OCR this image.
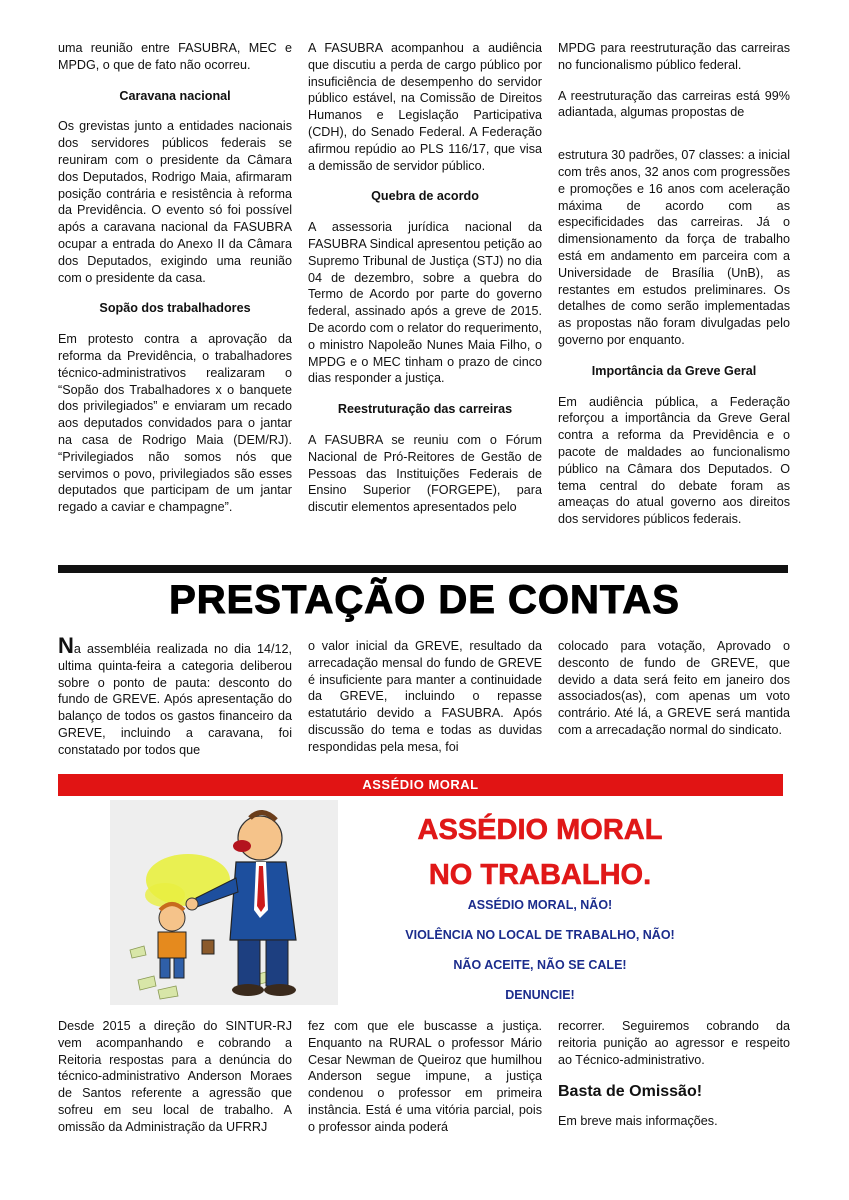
uma reunião entre FASUBRA, MEC e MPDG, o que de fato não ocorreu.

Caravana nacional

Os grevistas junto a entidades nacionais dos servidores públicos federais se reuniram com o presidente da Câmara dos Deputados, Rodrigo Maia, afirmaram posição contrária e resistência à reforma da Previdência. O evento só foi possível após a caravana nacional da FASUBRA ocupar a entrada do Anexo II da Câmara dos Deputados, exigindo uma reunião com o presidente da casa.

Sopão dos trabalhadores

Em protesto contra a aprovação da reforma da Previdência, o trabalhadores técnico-administrativos realizaram o “Sopão dos Trabalhadores x o banquete dos privilegiados” e enviaram um recado aos deputados convidados para o jantar na casa de Rodrigo Maia (DEM/RJ). “Privilegiados não somos nós que servimos o povo, privilegiados são esses deputados que participam de um jantar regado a caviar e champagne”.

A FASUBRA acompanhou a audiência que discutiu a perda de cargo público por insuficiência de desempenho do servidor público estável, na Comissão de Direitos Humanos e Legislação Participativa (CDH), do Senado Federal. A Federação afirmou repúdio ao PLS 116/17, que visa a demissão de servidor público.

Quebra de acordo

A assessoria jurídica nacional da FASUBRA Sindical apresentou petição ao Supremo Tribunal de Justiça (STJ) no dia 04 de dezembro, sobre a quebra do Termo de Acordo por parte do governo federal, assinado após a greve de 2015. De acordo com o relator do requerimento, o ministro Napoleão Nunes Maia Filho, o MPDG e o MEC tinham o prazo de cinco dias responder a justiça.

Reestruturação das carreiras

A FASUBRA se reuniu com o Fórum Nacional de Pró-Reitores de Gestão de Pessoas das Instituições Federais de Ensino Superior (FORGEPE), para discutir elementos apresentados pelo

MPDG para reestruturação das carreiras no funcionalismo público federal.

A reestruturação das carreiras está 99% adiantada, algumas propostas de

estrutura 30 padrões, 07 classes: a inicial com três anos, 32 anos com progressões e promoções e 16 anos com aceleração máxima de acordo com as especificidades das carreiras. Já o dimensionamento da força de trabalho está em andamento em parceira com a Universidade de Brasília (UnB), as restantes em estudos preliminares. Os detalhes de como serão implementadas as propostas não foram divulgadas pelo governo por enquanto.

Importância da Greve Geral

Em audiência pública, a Federação reforçou a importância da Greve Geral contra a reforma da Previdência e o pacote de maldades ao funcionalismo público na Câmara dos Deputados. O tema central do debate foram as ameaças do atual governo aos direitos dos servidores públicos federais.

PRESTAÇÃO DE CONTAS

Na assembléia realizada no dia 14/12, ultima quinta-feira a categoria deliberou sobre o ponto de pauta: desconto do fundo de GREVE. Após apresentação do balanço de todos os gastos financeiro da GREVE, incluindo a caravana, foi constatado por todos que

o valor inicial da GREVE, resultado da arrecadação mensal do fundo de GREVE é insuficiente para manter a continuidade da GREVE, incluindo o repasse estatutário devido a FASUBRA. Após discussão do tema e todas as duvidas respondidas pela mesa, foi

colocado para votação, Aprovado o desconto de fundo de GREVE, que devido a data será feito em janeiro dos associados(as), com apenas um voto contrário. Até lá, a GREVE será mantida com a arrecadação normal do sindicato.

ASSÉDIO MORAL
ASSÉDIO MORAL
NO TRABALHO.
ASSÉDIO MORAL, NÃO!
VIOLÊNCIA NO LOCAL DE TRABALHO, NÃO!
NÃO ACEITE, NÃO SE CALE!
DENUNCIE!

Desde 2015 a direção do SINTUR-RJ vem acompanhando e cobrando a Reitoria respostas para a denúncia do técnico-administrativo Anderson Moraes de Santos referente a agressão que sofreu em seu local de trabalho. A omissão da Administração da UFRRJ

fez com que ele buscasse a justiça. Enquanto na RURAL o professor Mário Cesar Newman de Queiroz que humilhou Anderson segue impune, a justiça condenou o professor em primeira instância. Está é uma vitória parcial, pois o professor ainda poderá

recorrer. Seguiremos cobrando da reitoria punição ao agressor e respeito ao Técnico-administrativo.

Basta de Omissão!

Em breve mais informações.
